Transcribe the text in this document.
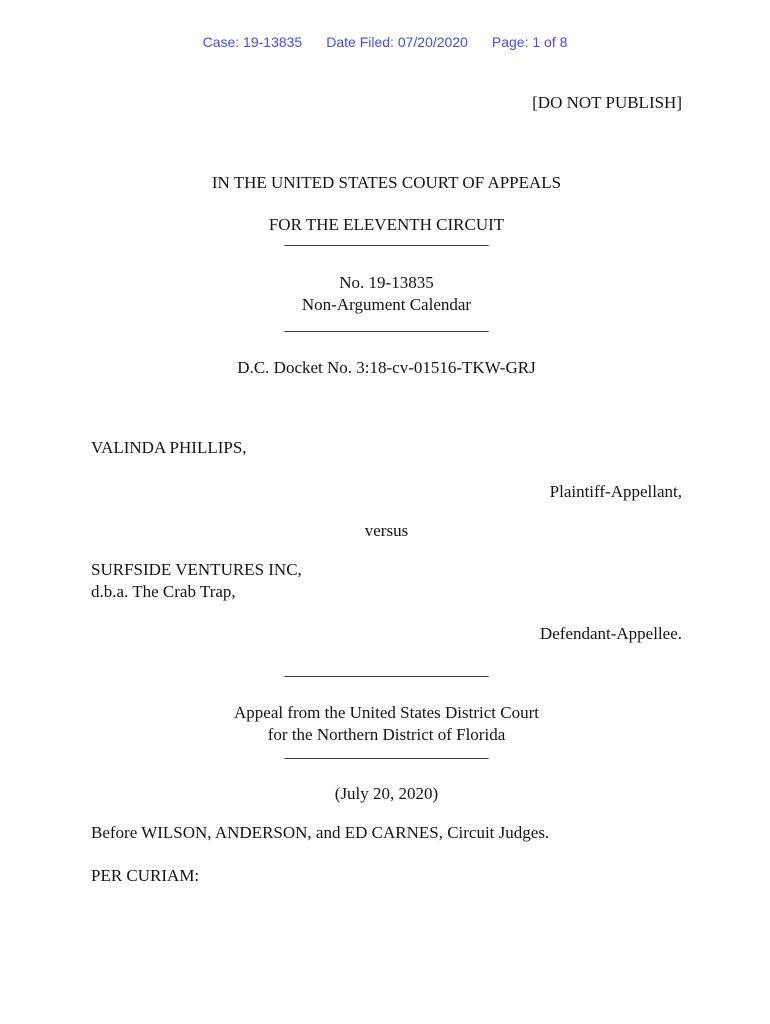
Case: 19-13835 Date Filed: 07/20/2020 Page: 1 of 8
[DO NOT PUBLISH]
IN THE UNITED STATES COURT OF APPEALS
FOR THE ELEVENTH CIRCUIT
________________________
No. 19-13835
Non-Argument Calendar
________________________
D.C. Docket No. 3:18-cv-01516-TKW-GRJ
VALINDA PHILLIPS,
Plaintiff-Appellant,
versus
SURFSIDE VENTURES INC,
d.b.a. The Crab Trap,
Defendant-Appellee.
________________________
Appeal from the United States District Court
for the Northern District of Florida
________________________
(July 20, 2020)
Before WILSON, ANDERSON, and ED CARNES, Circuit Judges.
PER CURIAM:
